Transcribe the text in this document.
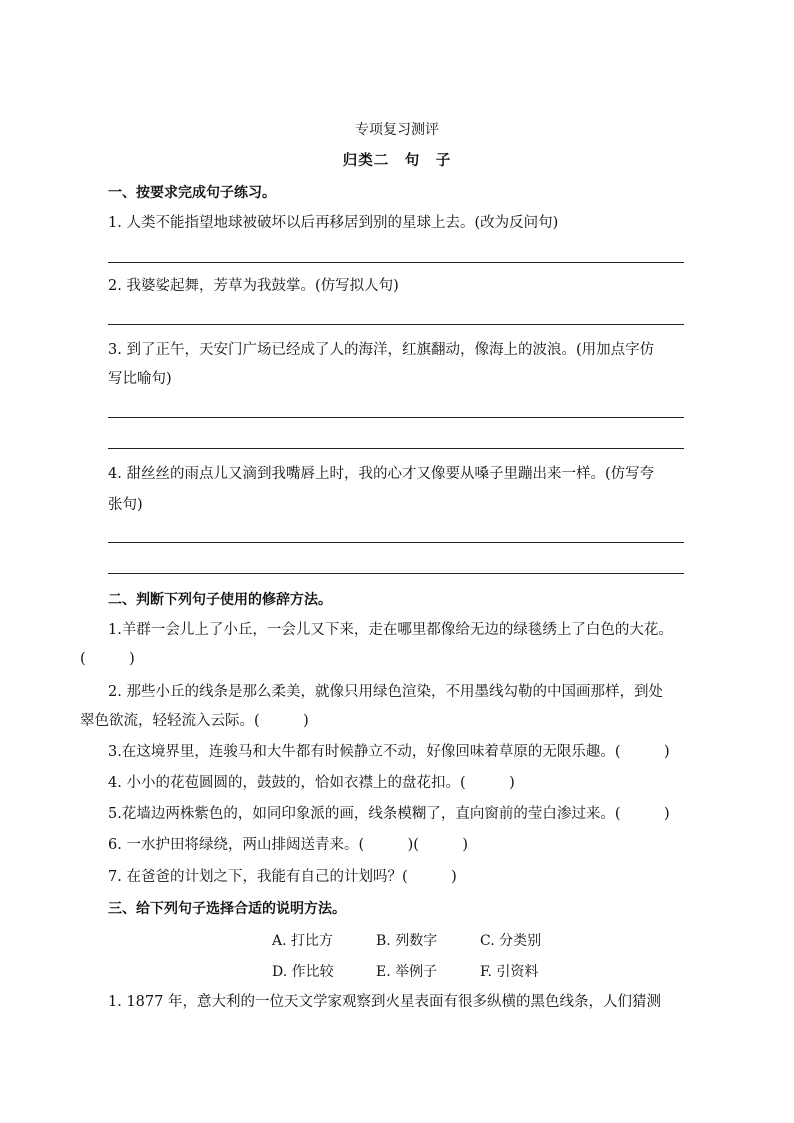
专项复习测评
归类二　句　子
一、按要求完成句子练习。
1. 人类不能指望地球被破坏以后再移居到别的星球上去。(改为反问句)
2. 我婆娑起舞，芳草为我鼓掌。(仿写拟人句)
3. 到了正午，天安门广场已经成了人的海洋，红旗翻动，像海上的波浪。(用加点字仿
写比喻句)
4. 甜丝丝的雨点儿又滴到我嘴唇上时，我的心才又像要从嗓子里蹦出来一样。(仿写夸
张句)
二、判断下列句子使用的修辞方法。
1.羊群一会儿上了小丘，一会儿又下来，走在哪里都像给无边的绿毯绣上了白色的大花。
(　　　)
2. 那些小丘的线条是那么柔美，就像只用绿色渲染，不用墨线勾勒的中国画那样，到处
翠色欲流，轻轻流入云际。(　　　)
3.在这境界里，连骏马和大牛都有时候静立不动，好像回味着草原的无限乐趣。(　　　)
4. 小小的花苞圆圆的，鼓鼓的，恰如衣襟上的盘花扣。(　　　)
5.花墙边两株紫色的，如同印象派的画，线条模糊了，直向窗前的莹白渗过来。(　　　)
6. 一水护田将绿绕，两山排闼送青来。(　　　)(　　　)
7. 在爸爸的计划之下，我能有自己的计划吗？(　　　)
三、给下列句子选择合适的说明方法。
A. 打比方	B. 列数字	C. 分类别
D. 作比较	E. 举例子	F. 引资料
1. 1877 年，意大利的一位天文学家观察到火星表面有很多纵横的黑色线条，人们猜测
